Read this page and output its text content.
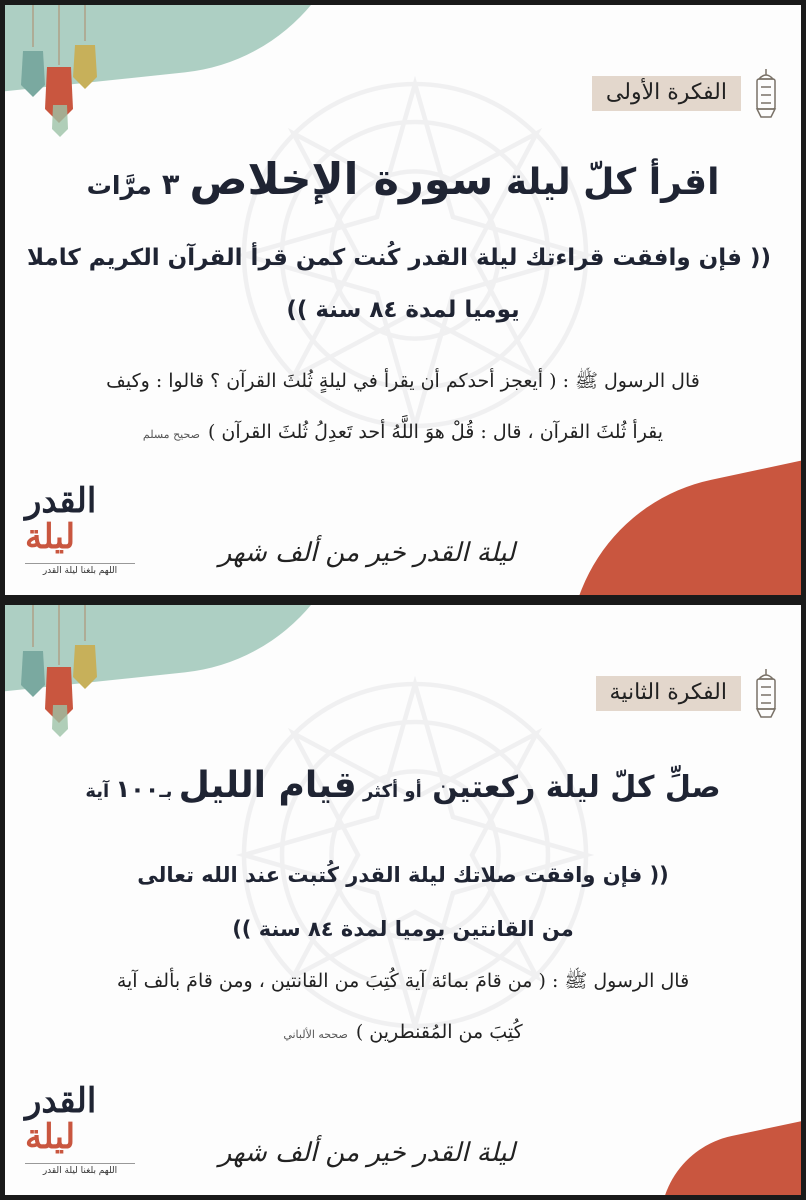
الفكرة الأولى
اقرأ كلّ ليلة سورة الإخلاص ٣ مرَّات
(( فإن وافقت قراءتك ليلة القدر كُنت كمن قرأ القرآن الكريم كاملا
يوميا لمدة ٨٤ سنة ))
قال الرسول ﷺ : ( أيعجز أحدكم أن يقرأ في ليلةٍ ثُلثَ القرآن ؟ قالوا : وكيف
يقرأ ثُلثَ القرآن ، قال : قُلْ هوَ اللَّهُ أحد تَعدِلُ ثُلثَ القرآن )صحيح مسلم
القدر
ليلة
اللهم بلغنا ليلة القدر
ليلة القدر خير من ألف شهر
الفكرة الثانية
صلِّ كلّ ليلة ركعتين أو أكثر قيام الليل بـ١٠٠ آية
(( فإن وافقت صلاتك ليلة القدر كُتبت عند الله تعالى
من القانتين يوميا لمدة ٨٤ سنة ))
قال الرسول ﷺ : ( من قامَ بمائة آية كُتِبَ من القانتين ، ومن قامَ بألف آية
كُتِبَ من المُقنطرين )صححه الألباني
القدر
ليلة
اللهم بلغنا ليلة القدر
ليلة القدر خير من ألف شهر
